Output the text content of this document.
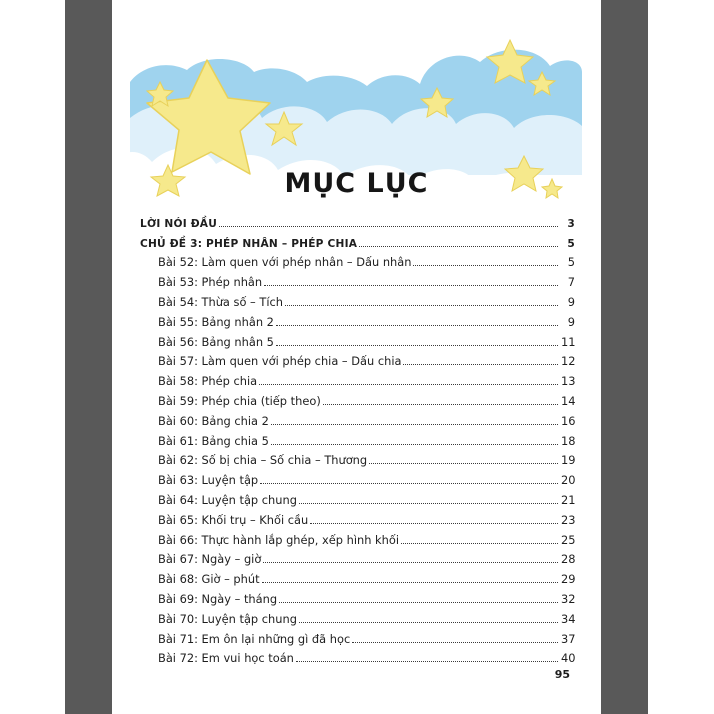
MỤC LỤC
LỜI NÓI ĐẦU	3
CHỦ ĐỀ 3: PHÉP NHÂN – PHÉP CHIA	5
Bài 52: Làm quen với phép nhân – Dấu nhân	5
Bài 53: Phép nhân	7
Bài 54: Thừa số – Tích	9
Bài 55: Bảng nhân 2	9
Bài 56: Bảng nhân 5	11
Bài 57: Làm quen với phép chia – Dấu chia	12
Bài 58: Phép chia	13
Bài 59: Phép chia (tiếp theo)	14
Bài 60: Bảng chia 2	16
Bài 61: Bảng chia 5	18
Bài 62: Số bị chia – Số chia – Thương	19
Bài 63: Luyện tập	20
Bài 64: Luyện tập chung	21
Bài 65: Khối trụ – Khối cầu	23
Bài 66: Thực hành lắp ghép, xếp hình khối	25
Bài 67: Ngày – giờ	28
Bài 68: Giờ – phút	29
Bài 69: Ngày – tháng	32
Bài 70: Luyện tập chung	34
Bài 71: Em ôn lại những gì đã học	37
Bài 72: Em vui học toán	40
95
